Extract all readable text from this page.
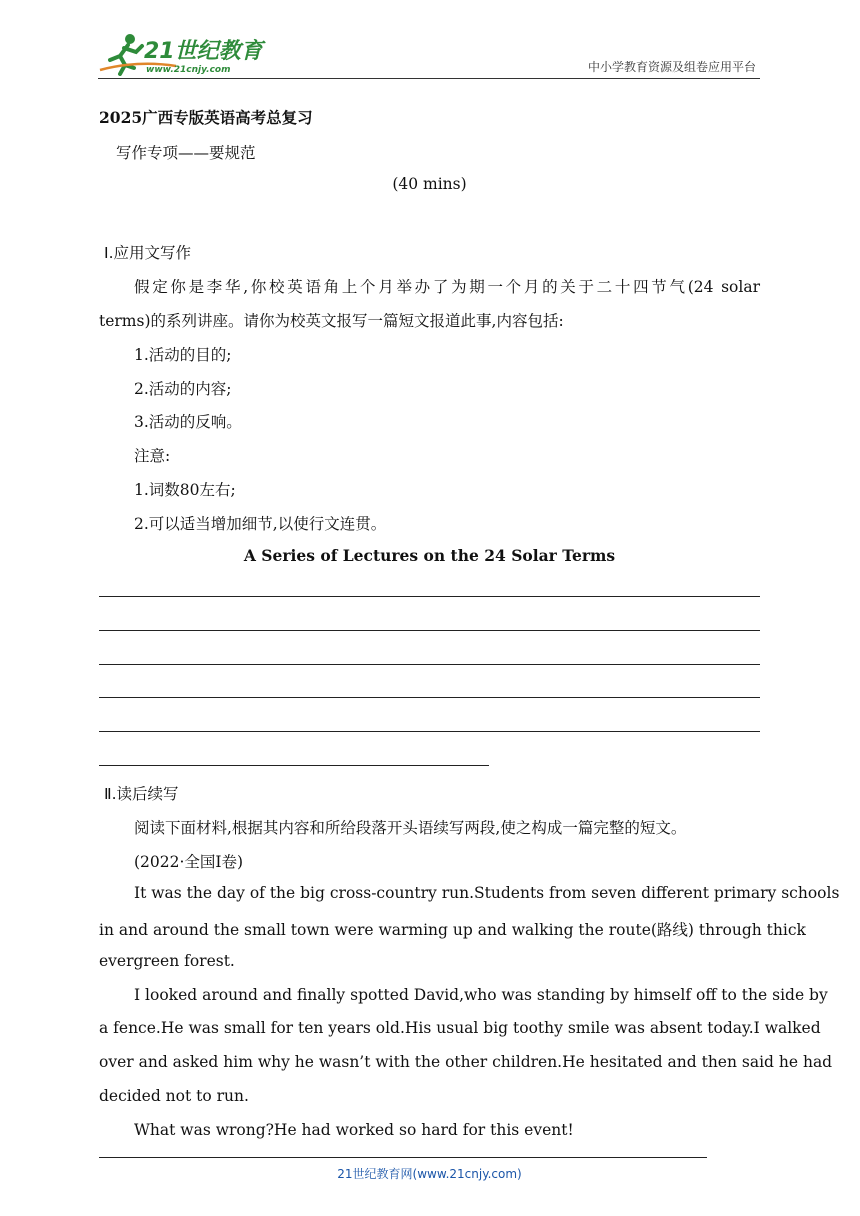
21世纪教育
www.21cnjy.com	中小学教育资源及组卷应用平台
2025广西专版英语高考总复习
写作专项——要规范
(40 mins)
Ⅰ.应用文写作
假定你是李华,你校英语角上个月举办了为期一个月的关于二十四节气(24 solar
terms)的系列讲座。请你为校英文报写一篇短文报道此事,内容包括:
1.活动的目的;
2.活动的内容;
3.活动的反响。
注意:
1.词数80左右;
2.可以适当增加细节,以使行文连贯。
A Series of Lectures on the 24 Solar Terms
Ⅱ.读后续写
阅读下面材料,根据其内容和所给段落开头语续写两段,使之构成一篇完整的短文。
(2022·全国Ⅰ卷)
It was the day of the big cross-country run.Students from seven different primary schools
in and around the small town were warming up and walking the route(路线) through thick
evergreen forest.
I looked around and finally spotted David,who was standing by himself off to the side by
a fence.He was small for ten years old.His usual big toothy smile was absent today.I walked
over and asked him why he wasn’t with the other children.He hesitated and then said he had
decided not to run.
What was wrong?He had worked so hard for this event!
21世纪教育网(www.21cnjy.com)
